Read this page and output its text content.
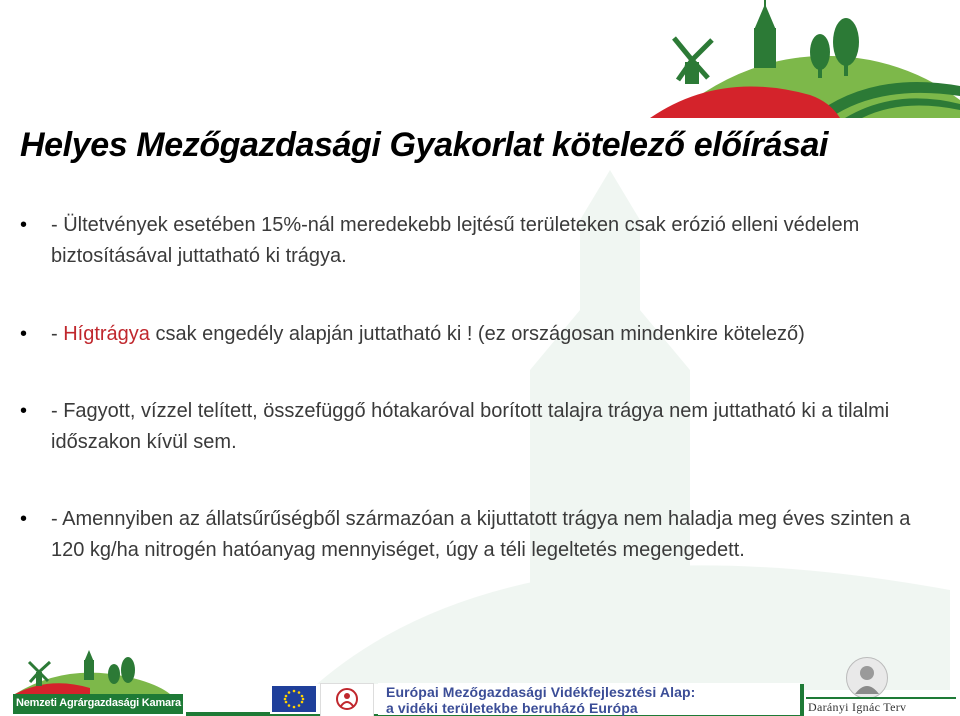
Helyes Mezőgazdasági Gyakorlat kötelező előírásai
• - Ültetvények esetében 15%-nál meredekebb lejtésű területeken csak erózió elleni védelem biztosításával juttatható ki trágya.
• - Hígtrágya csak engedély alapján juttatható ki ! (ez országosan mindenkire kötelező)
• - Fagyott, vízzel telített, összefüggő hótakaróval borított talajra trágya nem juttatható ki a tilalmi időszakon kívül sem.
• - Amennyiben az állatsűrűségből származóan a kijuttatott trágya nem haladja meg éves szinten a 120 kg/ha nitrogén hatóanyag mennyiséget, úgy a téli legeltetés megengedett.
Nemzeti Agrárgazdasági Kamara
Európai Mezőgazdasági Vidékfejlesztési Alap:
a vidéki területekbe beruházó Európa	Darányi Ignác Terv
